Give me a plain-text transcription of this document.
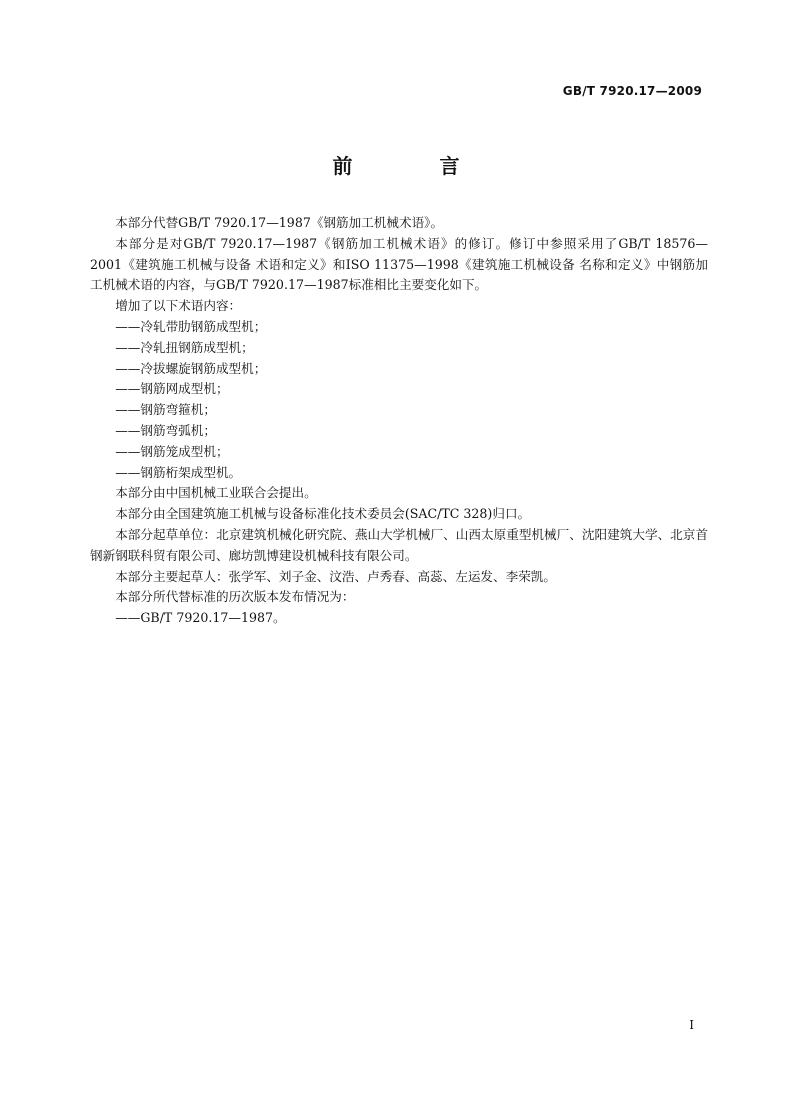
GB/T 7920.17—2009
前 言

本部分代替GB/T 7920.17—1987《钢筋加工机械术语》。

本部分是对GB/T 7920.17—1987《钢筋加工机械术语》的修订。修订中参照采用了GB/T 18576—2001《建筑施工机械与设备 术语和定义》和ISO 11375—1998《建筑施工机械设备 名称和定义》中钢筋加工机械术语的内容，与GB/T 7920.17—1987标准相比主要变化如下。

增加了以下术语内容：

——冷轧带肋钢筋成型机；
——冷轧扭钢筋成型机；
——冷拔螺旋钢筋成型机；
——钢筋网成型机；
——钢筋弯箍机；
——钢筋弯弧机；
——钢筋笼成型机；
——钢筋桁架成型机。

本部分由中国机械工业联合会提出。

本部分由全国建筑施工机械与设备标准化技术委员会(SAC/TC 328)归口。

本部分起草单位：北京建筑机械化研究院、燕山大学机械厂、山西太原重型机械厂、沈阳建筑大学、北京首钢新钢联科贸有限公司、廊坊凯博建设机械科技有限公司。

本部分主要起草人：张学军、刘子金、汶浩、卢秀春、高蕊、左运发、李荣凯。

本部分所代替标准的历次版本发布情况为：

——GB/T 7920.17—1987。
I
